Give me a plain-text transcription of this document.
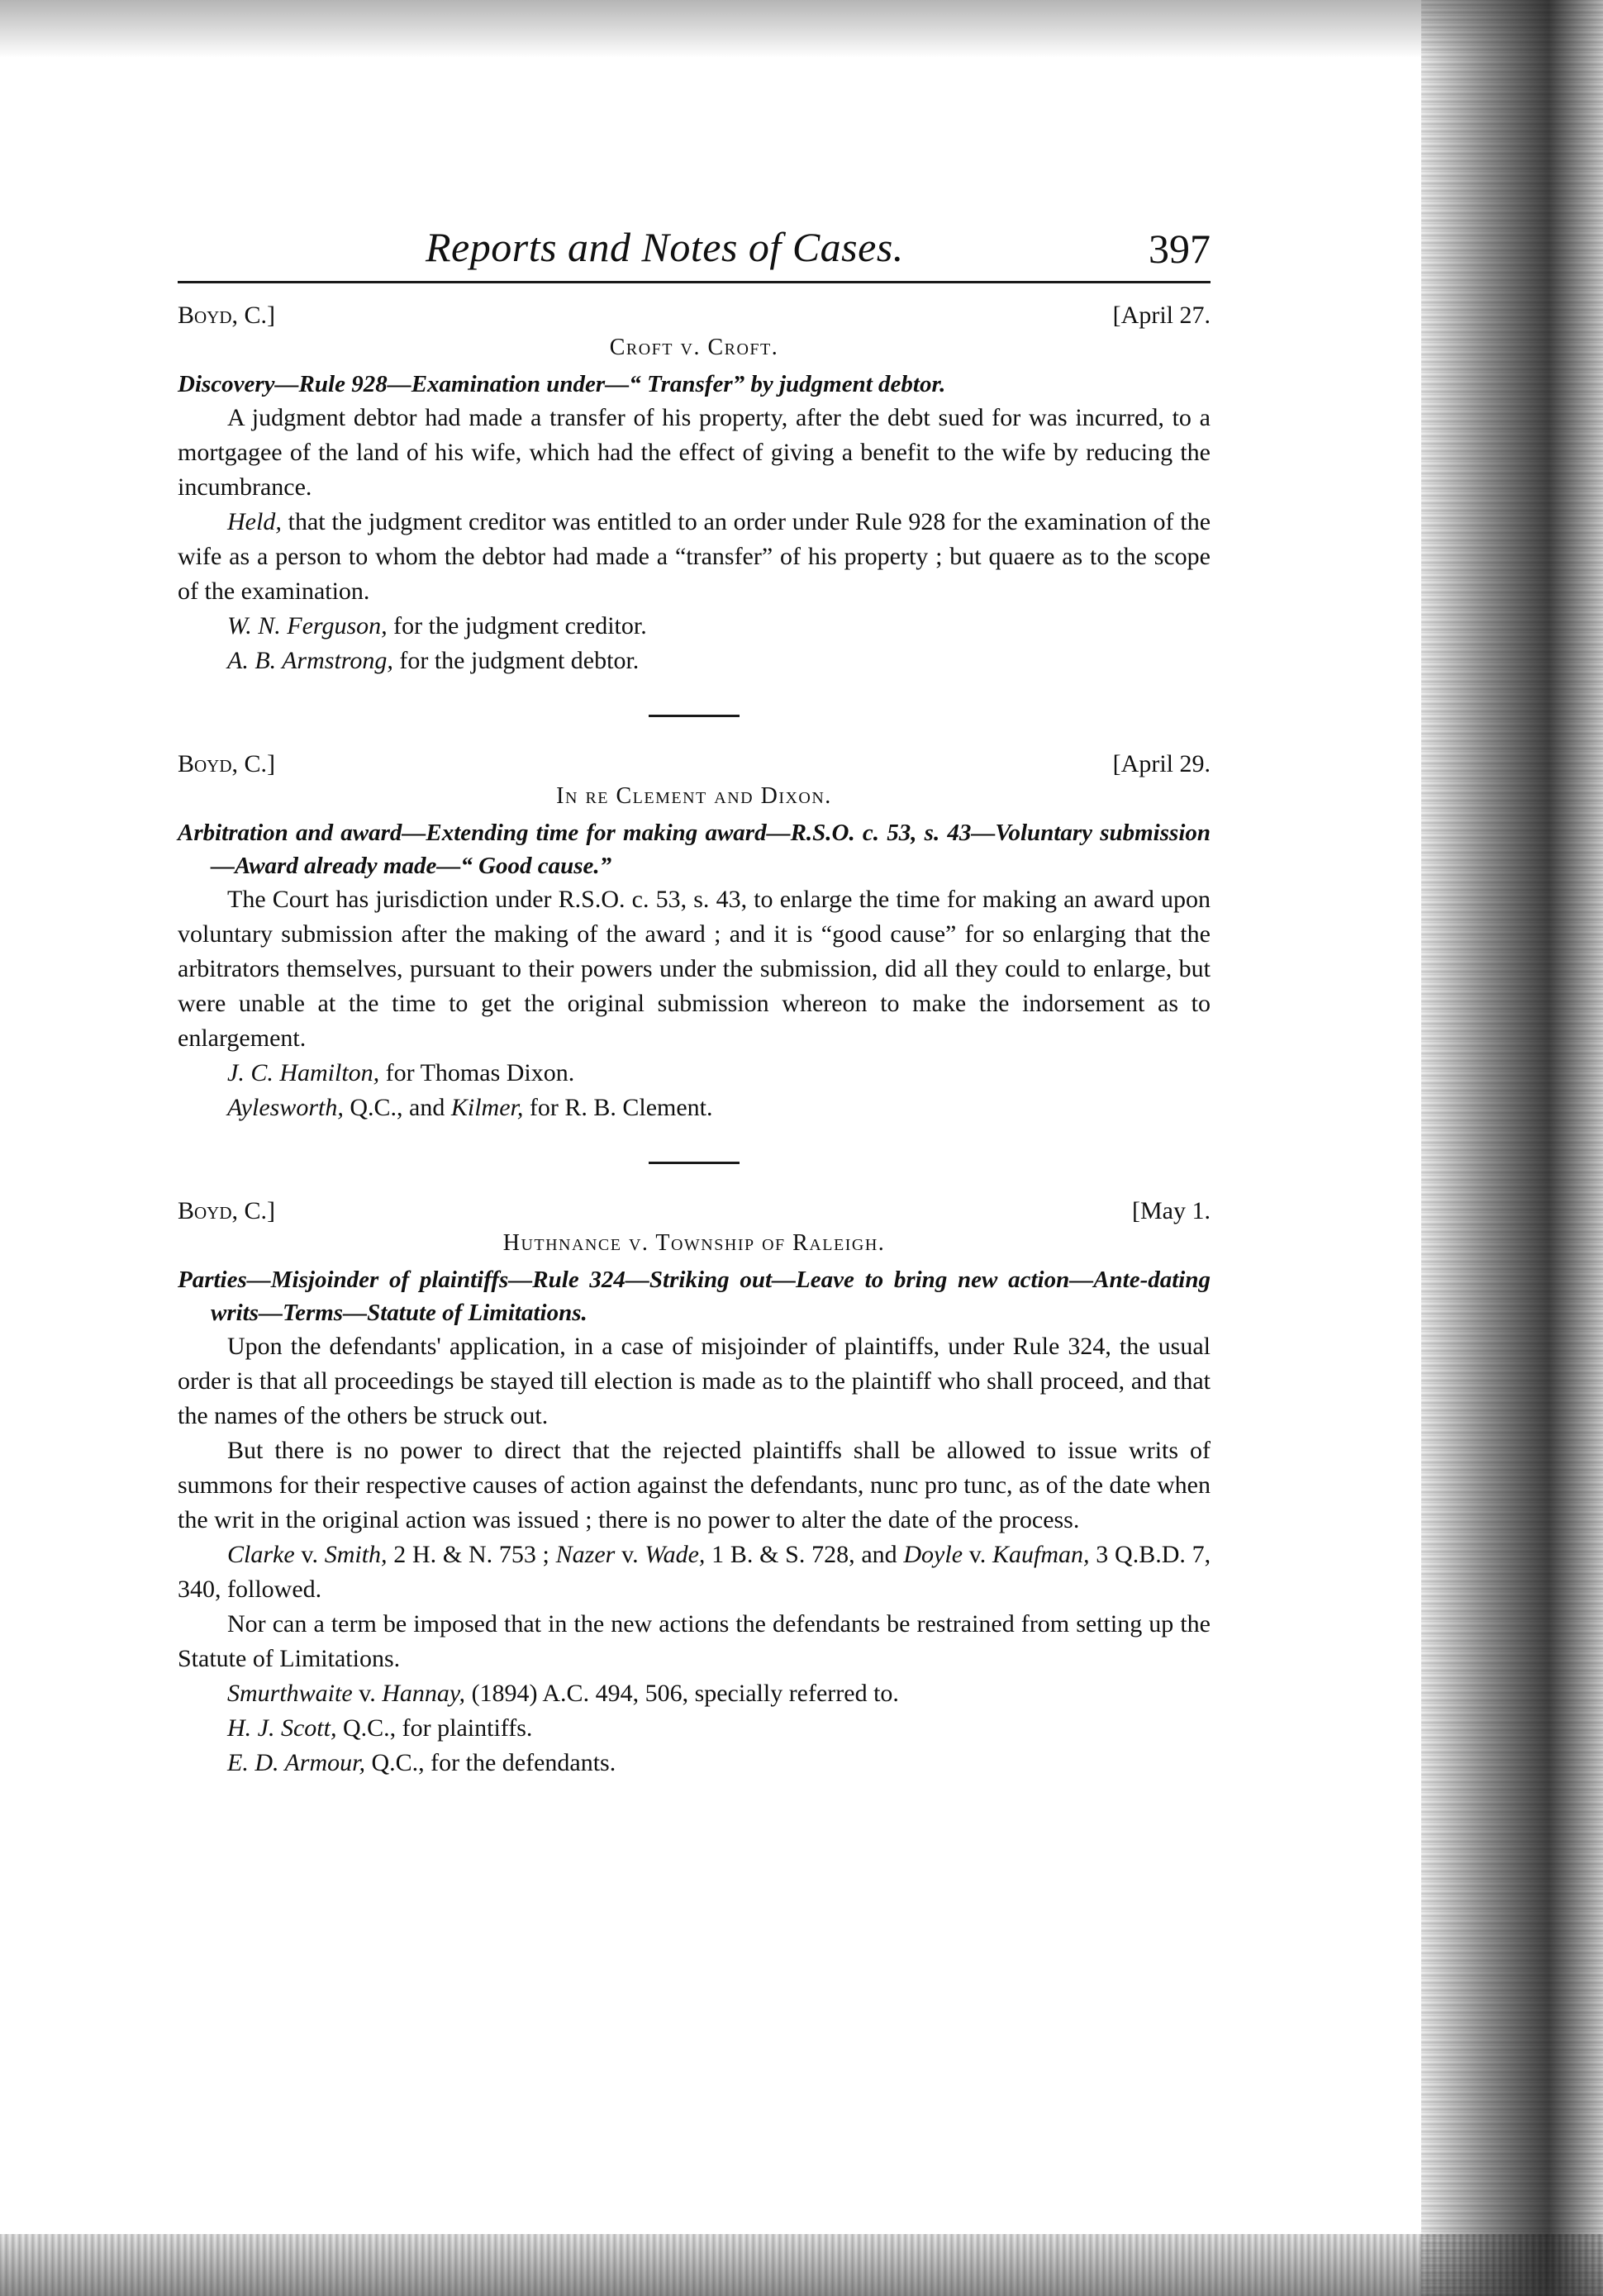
Reports and Notes of Cases.	397
Boyd, C.]	[April 27.
Croft v. Croft.
Discovery—Rule 928—Examination under—“ Transfer” by judgment debtor.

A judgment debtor had made a transfer of his property, after the debt sued for was incurred, to a mortgagee of the land of his wife, which had the effect of giving a benefit to the wife by reducing the incumbrance.

Held, that the judgment creditor was entitled to an order under Rule 928 for the examination of the wife as a person to whom the debtor had made a “transfer” of his property ; but quaere as to the scope of the examination.

W. N. Ferguson, for the judgment creditor.

A. B. Armstrong, for the judgment debtor.

Boyd, C.]	[April 29.
In re Clement and Dixon.
Arbitration and award—Extending time for making award—R.S.O. c. 53, s. 43—Voluntary submission—Award already made—“ Good cause.”

The Court has jurisdiction under R.S.O. c. 53, s. 43, to enlarge the time for making an award upon voluntary submission after the making of the award ; and it is “good cause” for so enlarging that the arbitrators themselves, pursuant to their powers under the submission, did all they could to enlarge, but were unable at the time to get the original submission whereon to make the indorsement as to enlargement.

J. C. Hamilton, for Thomas Dixon.

Aylesworth, Q.C., and Kilmer, for R. B. Clement.

Boyd, C.]	[May 1.
Huthnance v. Township of Raleigh.
Parties—Misjoinder of plaintiffs—Rule 324—Striking out—Leave to bring new action—Ante-dating writs—Terms—Statute of Limitations.

Upon the defendants' application, in a case of misjoinder of plaintiffs, under Rule 324, the usual order is that all proceedings be stayed till election is made as to the plaintiff who shall proceed, and that the names of the others be struck out.

But there is no power to direct that the rejected plaintiffs shall be allowed to issue writs of summons for their respective causes of action against the defendants, nunc pro tunc, as of the date when the writ in the original action was issued ; there is no power to alter the date of the process.

Clarke v. Smith, 2 H. & N. 753 ; Nazer v. Wade, 1 B. & S. 728, and Doyle v. Kaufman, 3 Q.B.D. 7, 340, followed.

Nor can a term be imposed that in the new actions the defendants be restrained from setting up the Statute of Limitations.

Smurthwaite v. Hannay, (1894) A.C. 494, 506, specially referred to.

H. J. Scott, Q.C., for plaintiffs.

E. D. Armour, Q.C., for the defendants.
